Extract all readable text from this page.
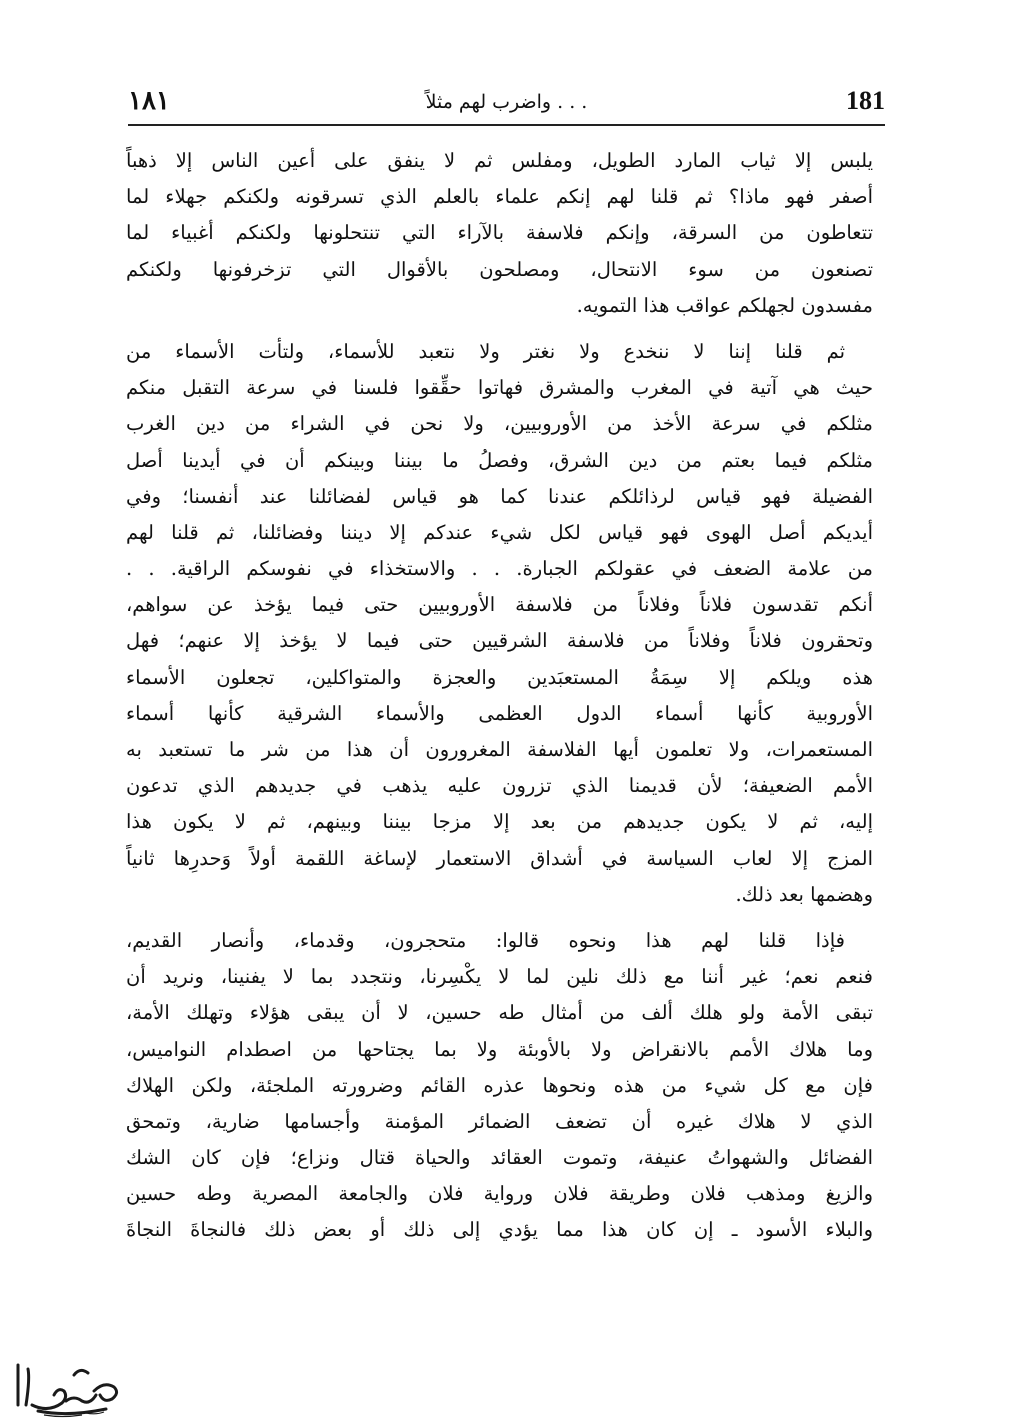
181
واضرب لهم مثلاً . . .
١٨١
يلبس إلا ثياب المارد الطويل، ومفلس ثم لا ينفق على أعين الناس إلا ذهباً
أصفر فهو ماذا؟ ثم قلنا لهم إنكم علماء بالعلم الذي تسرقونه ولكنكم جهلاء لما
تتعاطون من السرقة، وإنكم فلاسفة بالآراء التي تنتحلونها ولكنكم أغبياء لما
تصنعون من سوء الانتحال، ومصلحون بالأقوال التي تزخرفونها ولكنكم
مفسدون لجهلكم عواقب هذا التمويه.
ثم قلنا إننا لا ننخدع ولا نغتر ولا نتعبد للأسماء، ولتأت الأسماء من
حيث هي آتية في المغرب والمشرق فهاتوا حقِّقوا فلسنا في سرعة التقبل منكم
مثلكم في سرعة الأخذ من الأوروبيين، ولا نحن في الشراء من دين الغرب
مثلكم فيما بعتم من دين الشرق، وفصلُ ما بيننا وبينكم أن في أيدينا أصل
الفضيلة فهو قياس لرذائلكم عندنا كما هو قياس لفضائلنا عند أنفسنا؛ وفي
أيديكم أصل الهوى فهو قياس لكل شيء عندكم إلا ديننا وفضائلنا، ثم قلنا لهم
من علامة الضعف في عقولكم الجبارة. . . والاستخذاء في نفوسكم الراقية. . .
أنكم تقدسون فلاناً وفلاناً من فلاسفة الأوروبيين حتى فيما يؤخذ عن سواهم،
وتحقرون فلاناً وفلاناً من فلاسفة الشرقيين حتى فيما لا يؤخذ إلا عنهم؛ فهل
هذه ويلكم إلا سِمَةُ المستعبَدين والعجزة والمتواكلين، تجعلون الأسماء
الأوروبية كأنها أسماء الدول العظمى والأسماء الشرقية كأنها أسماء
المستعمرات، ولا تعلمون أيها الفلاسفة المغرورون أن هذا من شر ما تستعبد به
الأمم الضعيفة؛ لأن قديمنا الذي تزرون عليه يذهب في جديدهم الذي تدعون
إليه، ثم لا يكون جديدهم من بعد إلا مزجا بيننا وبينهم، ثم لا يكون هذا
المزج إلا لعاب السياسة في أشداق الاستعمار لإساغة اللقمة أولاً وَحدرِها ثانياً
وهضمها بعد ذلك.
فإذا قلنا لهم هذا ونحوه قالوا: متحجرون، وقدماء، وأنصار القديم،
فنعم نعم؛ غير أننا مع ذلك نلين لما لا يكْسِرنا، ونتجدد بما لا يفنينا، ونريد أن
تبقى الأمة ولو هلك ألف من أمثال طه حسين، لا أن يبقى هؤلاء وتهلك الأمة،
وما هلاك الأمم بالانقراض ولا بالأوبئة ولا بما يجتاحها من اصطدام النواميس،
فإن مع كل شيء من هذه ونحوها عذره القائم وضرورته الملجئة، ولكن الهلاك
الذي لا هلاك غيره أن تضعف الضمائر المؤمنة وأجسامها ضارية، وتمحق
الفضائل والشهواتُ عنيفة، وتموت العقائد والحياة قتال ونزاع؛ فإن كان الشك
والزيغ ومذهب فلان وطريقة فلان ورواية فلان والجامعة المصرية وطه حسين
والبلاء الأسود ـ إن كان هذا مما يؤدي إلى ذلك أو بعض ذلك فالنجاةَ النجاةَ
